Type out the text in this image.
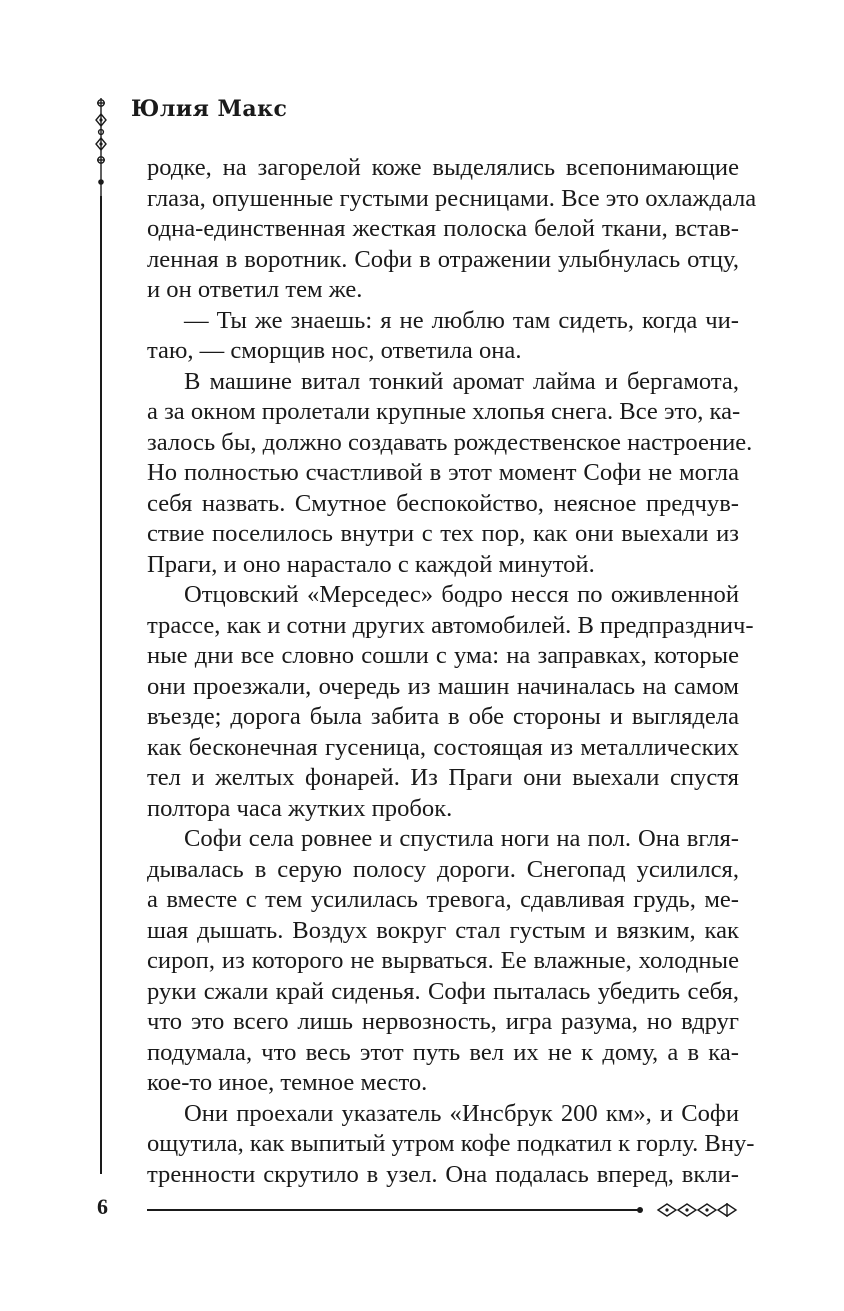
Юлия Макс
родке, на загорелой коже выделялись всепонимающие
глаза, опушенные густыми ресницами. Все это охлаждала
одна-единственная жесткая полоска белой ткани, встав-
ленная в воротник. Софи в отражении улыбнулась отцу,
и он ответил тем же.
— Ты же знаешь: я не люблю там сидеть, когда чи-
таю, — сморщив нос, ответила она.
В машине витал тонкий аромат лайма и бергамота,
а за окном пролетали крупные хлопья снега. Все это, ка-
залось бы, должно создавать рождественское настроение.
Но полностью счастливой в этот момент Софи не могла
себя назвать. Смутное беспокойство, неясное предчув-
ствие поселилось внутри с тех пор, как они выехали из
Праги, и оно нарастало с каждой минутой.
Отцовский «Мерседес» бодро несся по оживленной
трассе, как и сотни других автомобилей. В предпразднич-
ные дни все словно сошли с ума: на заправках, которые
они проезжали, очередь из машин начиналась на самом
въезде; дорога была забита в обе стороны и выглядела
как бесконечная гусеница, состоящая из металлических
тел и желтых фонарей. Из Праги они выехали спустя
полтора часа жутких пробок.
Софи села ровнее и спустила ноги на пол. Она вгля-
дывалась в серую полосу дороги. Снегопад усилился,
а вместе с тем усилилась тревога, сдавливая грудь, ме-
шая дышать. Воздух вокруг стал густым и вязким, как
сироп, из которого не вырваться. Ее влажные, холодные
руки сжали край сиденья. Софи пыталась убедить себя,
что это всего лишь нервозность, игра разума, но вдруг
подумала, что весь этот путь вел их не к дому, а в ка-
кое-то иное, темное место.
Они проехали указатель «Инсбрук 200 км», и Софи
ощутила, как выпитый утром кофе подкатил к горлу. Вну-
тренности скрутило в узел. Она подалась вперед, вкли-
6
